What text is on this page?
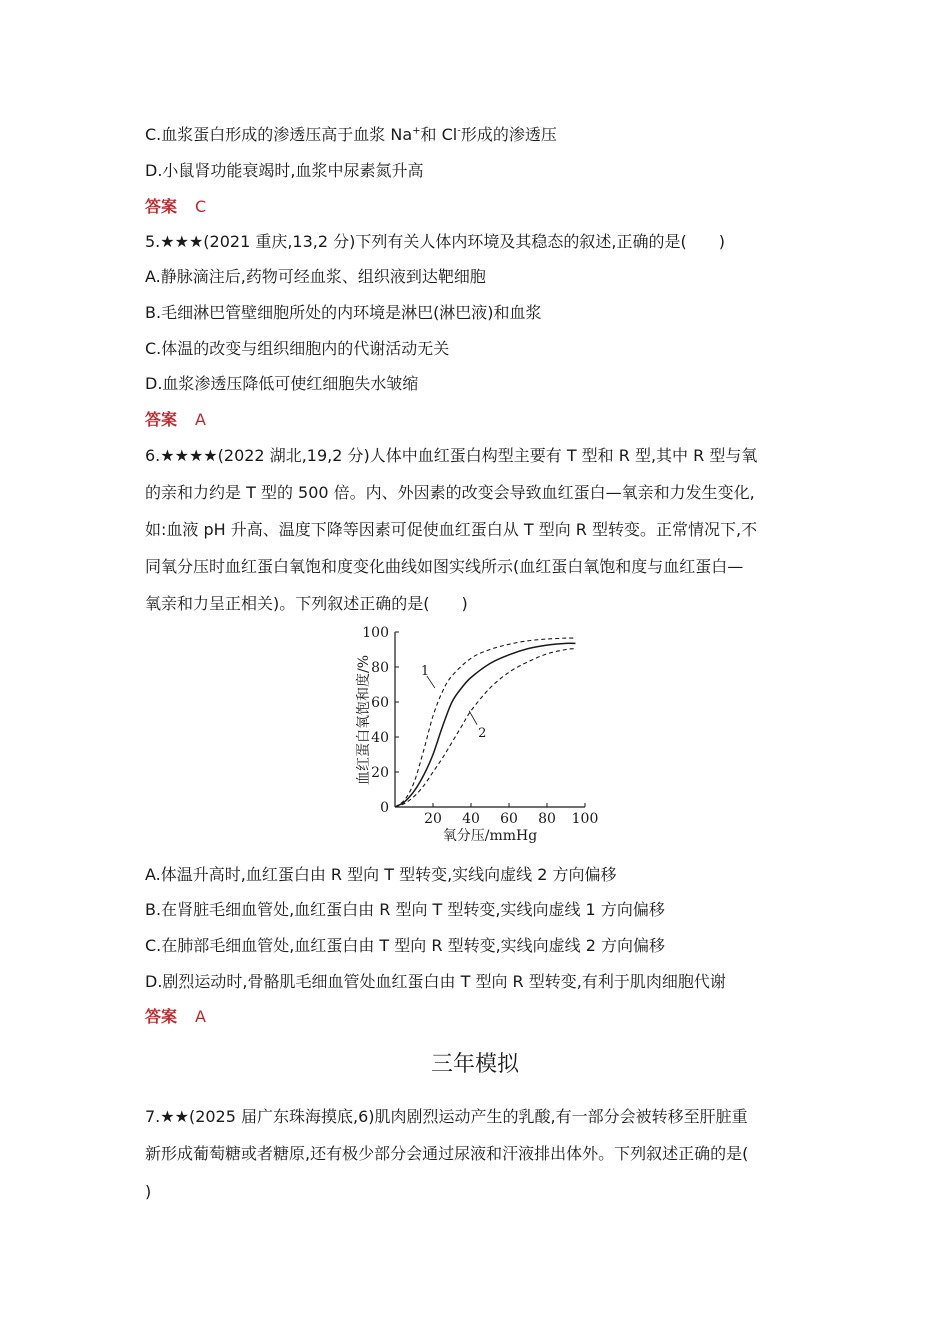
C.血浆蛋白形成的渗透压高于血浆 Na+和 Cl-形成的渗透压
D.小鼠肾功能衰竭时,血浆中尿素氮升高
答案 C
5.★★★(2021 重庆,13,2 分)下列有关人体内环境及其稳态的叙述,正确的是(　　)
A.静脉滴注后,药物可经血浆、组织液到达靶细胞
B.毛细淋巴管壁细胞所处的内环境是淋巴(淋巴液)和血浆
C.体温的改变与组织细胞内的代谢活动无关
D.血浆渗透压降低可使红细胞失水皱缩
答案 A
6.★★★★(2022 湖北,19,2 分)人体中血红蛋白构型主要有 T 型和 R 型,其中 R 型与氧
的亲和力约是 T 型的 500 倍。内、外因素的改变会导致血红蛋白—氧亲和力发生变化,
如:血液 pH 升高、温度下降等因素可促使血红蛋白从 T 型向 R 型转变。正常情况下,不
同氧分压时血红蛋白氧饱和度变化曲线如图实线所示(血红蛋白氧饱和度与血红蛋白—
氧亲和力呈正相关)。下列叙述正确的是(　　)
0
20
40
60
80
100
20 40 60 80 100
1
2
血红蛋白氧饱和度/%
氧分压/mmHg
A.体温升高时,血红蛋白由 R 型向 T 型转变,实线向虚线 2 方向偏移
B.在肾脏毛细血管处,血红蛋白由 R 型向 T 型转变,实线向虚线 1 方向偏移
C.在肺部毛细血管处,血红蛋白由 T 型向 R 型转变,实线向虚线 2 方向偏移
D.剧烈运动时,骨骼肌毛细血管处血红蛋白由 T 型向 R 型转变,有利于肌肉细胞代谢
答案 A
三年模拟
7.★★(2025 届广东珠海摸底,6)肌肉剧烈运动产生的乳酸,有一部分会被转移至肝脏重
新形成葡萄糖或者糖原,还有极少部分会通过尿液和汗液排出体外。下列叙述正确的是(
)
